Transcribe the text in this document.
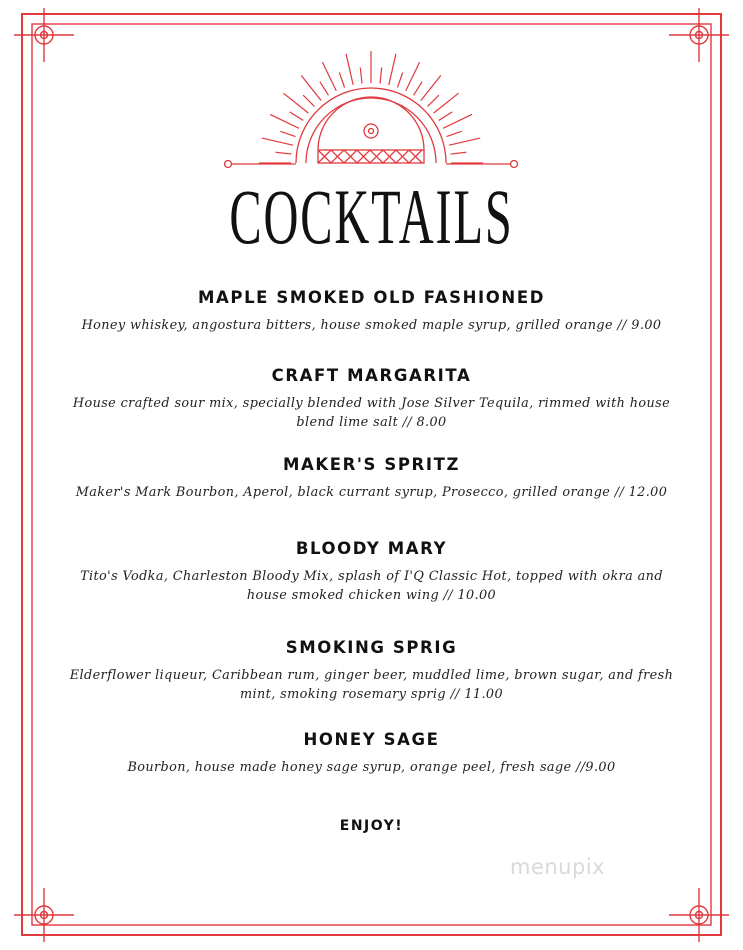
COCKTAILS
MAPLE SMOKED OLD FASHIONED

Honey whiskey, angostura bitters, house smoked maple syrup, grilled orange // 9.00

CRAFT MARGARITA

House crafted sour mix, specially blended with Jose Silver Tequila, rimmed with house blend lime salt // 8.00

MAKER'S SPRITZ

Maker's Mark Bourbon, Aperol, black currant syrup, Prosecco, grilled orange // 12.00

BLOODY MARY

Tito's Vodka, Charleston Bloody Mix, splash of I'Q Classic Hot, topped with okra and house smoked chicken wing // 10.00

SMOKING SPRIG

Elderflower liqueur, Caribbean rum, ginger beer, muddled lime, brown sugar, and fresh mint, smoking rosemary sprig // 11.00

HONEY SAGE

Bourbon, house made honey sage syrup, orange peel, fresh sage //9.00

ENJOY!
menupix
